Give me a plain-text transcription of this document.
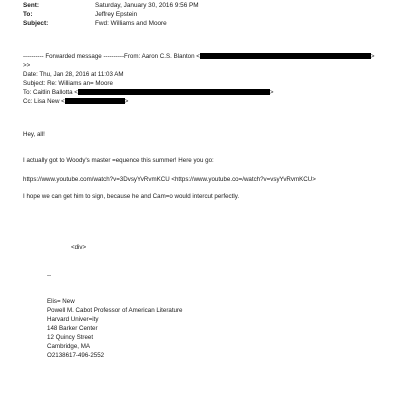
Sent:	Saturday, January 30, 2016 9:56 PM
To:	Jeffrey Epstein
Subject:	Fwd: Williams and Moore
---------- Forwarded message ----------From: Aaron C.S. Blanton <	>
>>
Date: Thu, Jan 28, 2016 at 11:03 AM
Subject: Re: Williams an= Moore
To: Caitlin Ballotta <	>
Cc: Lisa New <	>
Hey, all!
I actually got to Woody's master =equence this summer! Here you go:
https://www.youtube.com/watch?v=3DvsyYvRvmKCU <https://www.youtube.co=/watch?v=vsyYvRvmKCU>
I hope we can get him to sign, because he and Cam=o would intercut perfectly.
<div>
--
Elis= New
Powell M. Cabot Professor of American Literature
Harvard Univer=ity
148 Barker Center
12 Quincy Street
Cambridge, MA
O2138617-496-2552
